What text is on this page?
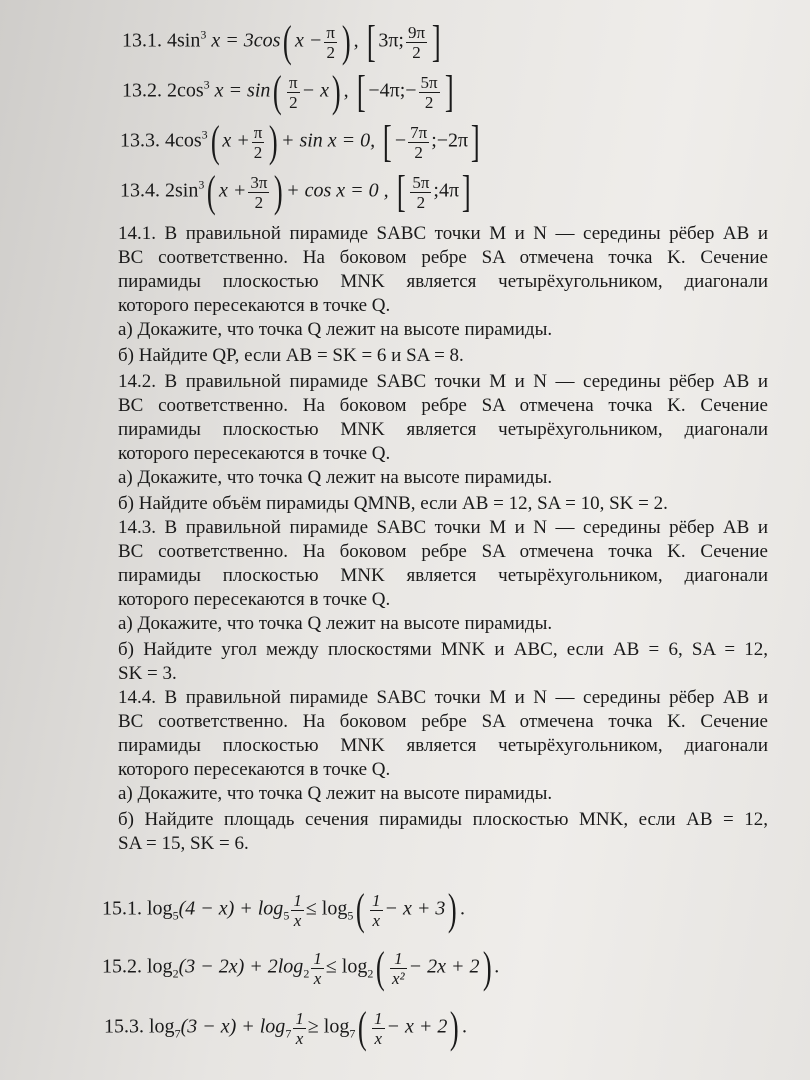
13.1. $4\sin^3$ x = 3cos( $x - \frac{\pi}{2}$ ) , [ 3π; $\frac{9\pi}{2}$ ]
13.2. $2\cos^3$ $x = \sin( \frac{\pi}{2} - x)$ , [ −4π;− $\frac{5\pi}{2}$ ]
13.3. $4\cos^3$( $x + \frac{\pi}{2}$ ) + sin x = 0, [ − $\frac{7\pi}{2}$ ;−2π]
13.4. $2\sin^3$( $x + \frac{3\pi}{2}$ ) + cos x = 0 , [ $\frac{5\pi}{2}$ ;4π]
14.1. В правильной пирамиде SABC точки M и N — середины рёбер AB и
BC соответственно. На боковом ребре SA отмечена точка K. Сечение
пирамиды плоскостью MNK является четырёхугольником, диагонали
которого пересекаются в точке Q.
а) Докажите, что точка Q лежит на высоте пирамиды.
б) Найдите QP, если AB = SK = 6 и SA = 8.
14.2. В правильной пирамиде SABC точки M и N — середины рёбер AB и
BC соответственно. На боковом ребре SA отмечена точка K. Сечение
пирамиды плоскостью MNK является четырёхугольником, диагонали
которого пересекаются в точке Q.
а) Докажите, что точка Q лежит на высоте пирамиды.
б) Найдите объём пирамиды QMNB, если AB = 12, SA = 10, SK = 2.
14.3. В правильной пирамиде SABC точки M и N — середины рёбер AB и
BC соответственно. На боковом ребре SA отмечена точка K. Сечение
пирамиды плоскостью MNK является четырёхугольником, диагонали
которого пересекаются в точке Q.
а) Докажите, что точка Q лежит на высоте пирамиды.
б) Найдите угол между плоскостями MNK и ABC, если AB = 6, SA = 12,
SK = 3.
14.4. В правильной пирамиде SABC точки M и N — середины рёбер AB и
BC соответственно. На боковом ребре SA отмечена точка K. Сечение
пирамиды плоскостью MNK является четырёхугольником, диагонали
которого пересекаются в точке Q.
а) Докажите, что точка Q лежит на высоте пирамиды.
б) Найдите площадь сечения пирамиды плоскостью MNK, если AB = 12,
SA = 15, SK = 6.
15.1. $\log_5(4 - x) + \log_5 \frac{1}{x} \le \log_5( \frac{1}{x} - x + 3)$ .
15.2. $\log_2(3 - 2x) + 2\log_2 \frac{1}{x} \le \log_2( \frac{1}{\text{x²}} - 2x + 2)$ .
15.3. $\log_7(3 - x) + \log_7 \frac{1}{x} \ge \log_7( \frac{1}{x} - x + 2)$ .
